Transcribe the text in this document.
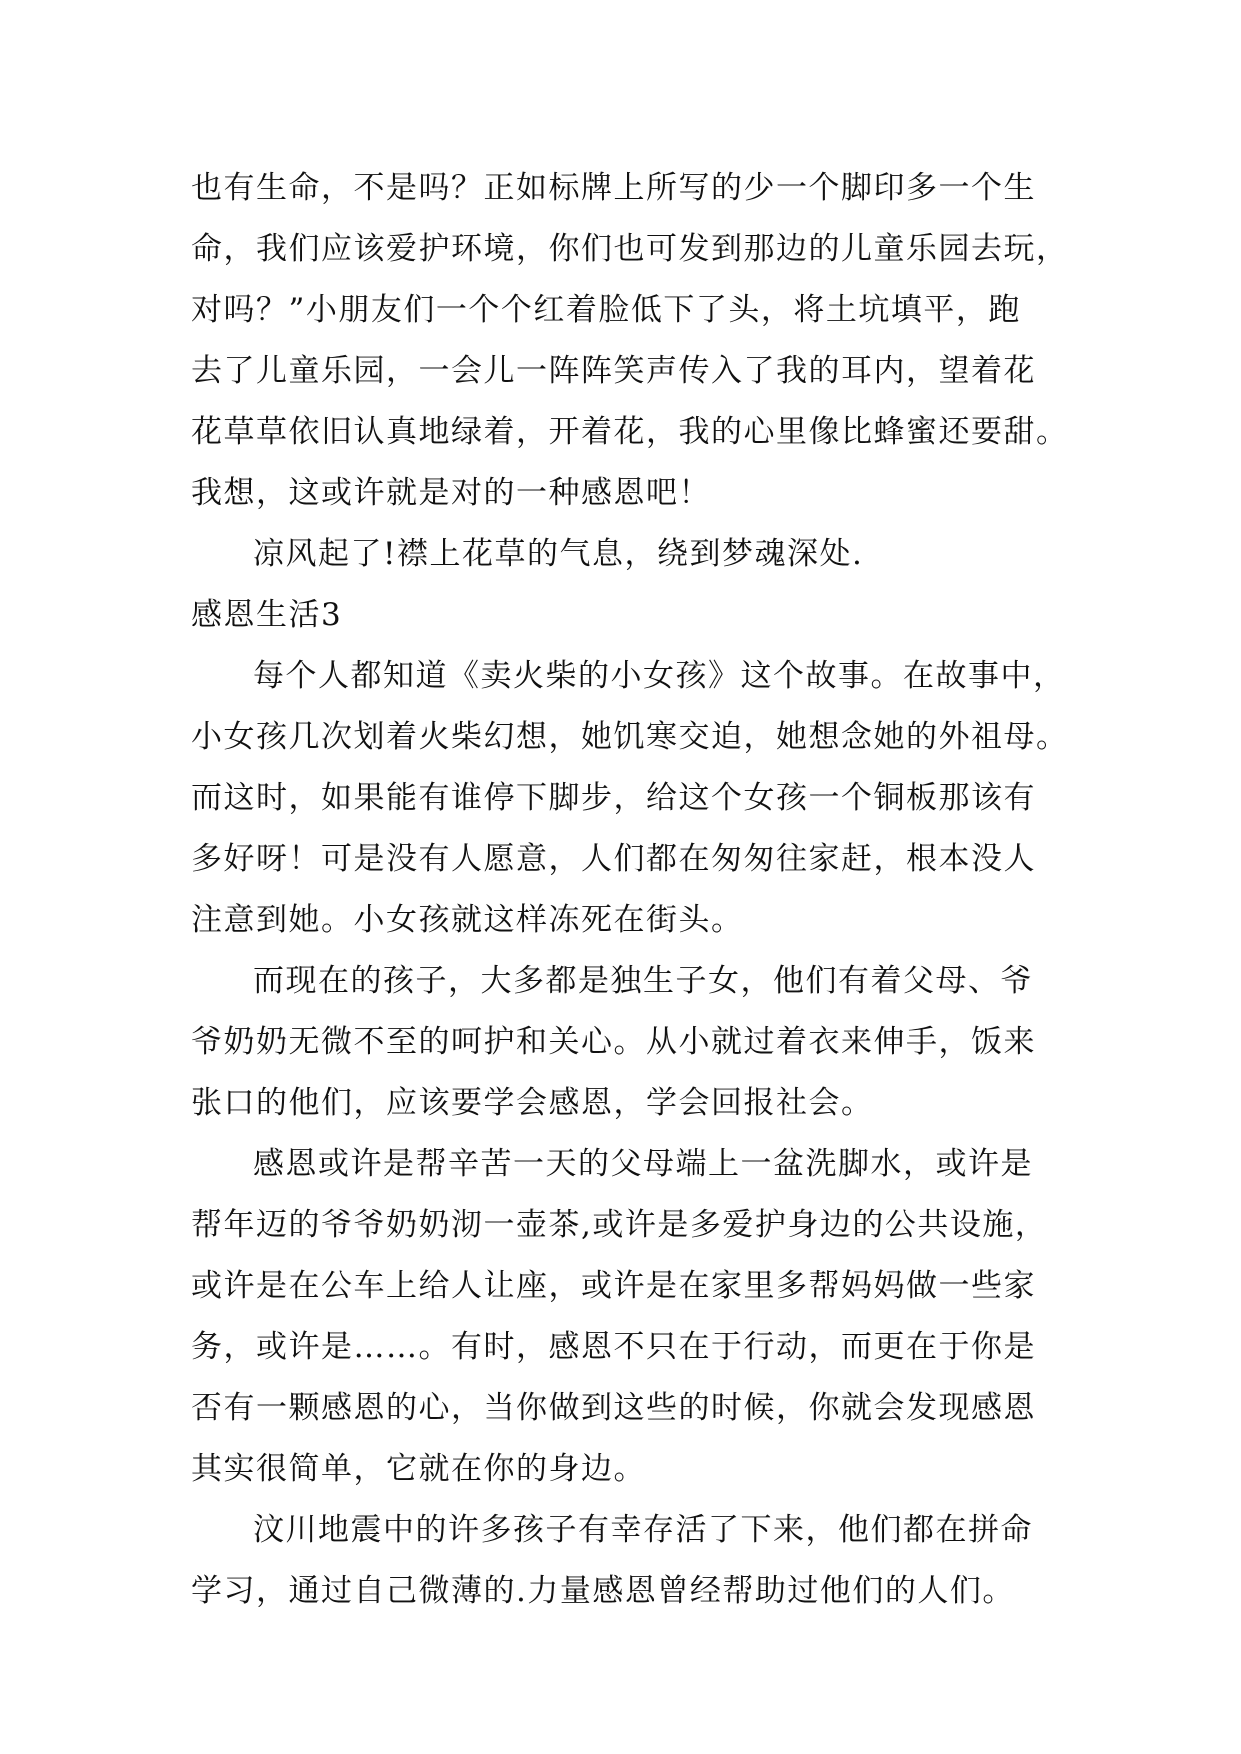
也有生命，不是吗？正如标牌上所写的少一个脚印多一个生
命，我们应该爱护环境，你们也可发到那边的儿童乐园去玩，
对吗？”小朋友们一个个红着脸低下了头，将土坑填平，跑
去了儿童乐园，一会儿一阵阵笑声传入了我的耳内，望着花
花草草依旧认真地绿着，开着花，我的心里像比蜂蜜还要甜。
我想，这或许就是对的一种感恩吧！

凉风起了!襟上花草的气息，绕到梦魂深处.

感恩生活3

每个人都知道《卖火柴的小女孩》这个故事。在故事中，
小女孩几次划着火柴幻想，她饥寒交迫，她想念她的外祖母。
而这时，如果能有谁停下脚步，给这个女孩一个铜板那该有
多好呀！可是没有人愿意，人们都在匆匆往家赶，根本没人
注意到她。小女孩就这样冻死在街头。

而现在的孩子，大多都是独生子女，他们有着父母、爷
爷奶奶无微不至的呵护和关心。从小就过着衣来伸手，饭来
张口的他们，应该要学会感恩，学会回报社会。

感恩或许是帮辛苦一天的父母端上一盆洗脚水，或许是
帮年迈的爷爷奶奶沏一壶茶,或许是多爱护身边的公共设施，
或许是在公车上给人让座，或许是在家里多帮妈妈做一些家
务，或许是……。有时，感恩不只在于行动，而更在于你是
否有一颗感恩的心，当你做到这些的时候，你就会发现感恩
其实很简单，它就在你的身边。

汶川地震中的许多孩子有幸存活了下来，他们都在拼命
学习，通过自己微薄的.力量感恩曾经帮助过他们的人们。
